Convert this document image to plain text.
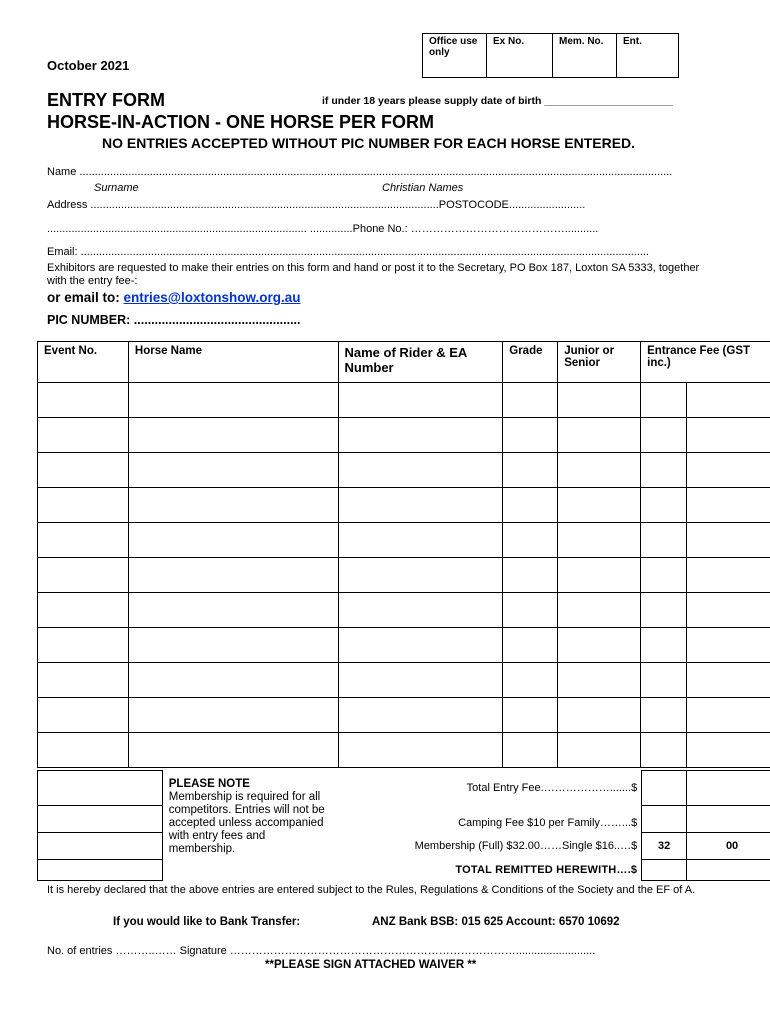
Office use only
Ex No.	Mem. No.	Ent.
October 2021
ENTRY FORM
HORSE-IN-ACTION - ONE HORSE PER FORM
if under 18 years please supply date of birth ______________________
NO ENTRIES ACCEPTED WITHOUT PIC NUMBER FOR EACH HORSE ENTERED.
Name ..................................................................................................................................................................................................
Surname	Christian Names
Address ..................................................................................................................POSTOCODE.........................
..................................................................................... ..............Phone No.: ……………………………………...........
Email: ..........................................................................................................................................................................................
Exhibitors are requested to make their entries on this form and hand or post it to the Secretary, PO Box 187, Loxton SA 5333, together with the entry fee-:
or email to: entries@loxtonshow.org.au
PIC NUMBER: ................................................
Event No.	Horse Name	Name of Rider & EA Number	Grade	Junior or Senior	Entrance Fee (GST inc.)	

	PLEASE NOTE
Membership is required for all competitors. Entries will not be accepted unless accompanied with entry fees and membership.	Total Entry Fee.……………….......$		
		Camping Fee $10 per Family……...$		
		Membership (Full) $32.00……Single $16..…$	32	00
		TOTAL REMITTED HEREWITH….$		
It is hereby declared that the above entries are entered subject to the Rules, Regulations & Conditions of the Society and the EF of A.
If you would like to Bank Transfer:	ANZ Bank BSB: 015 625 Account: 6570 10692
No. of entries ………..…… Signature ……………………………………………………………………..........................
**PLEASE SIGN ATTACHED WAIVER **
